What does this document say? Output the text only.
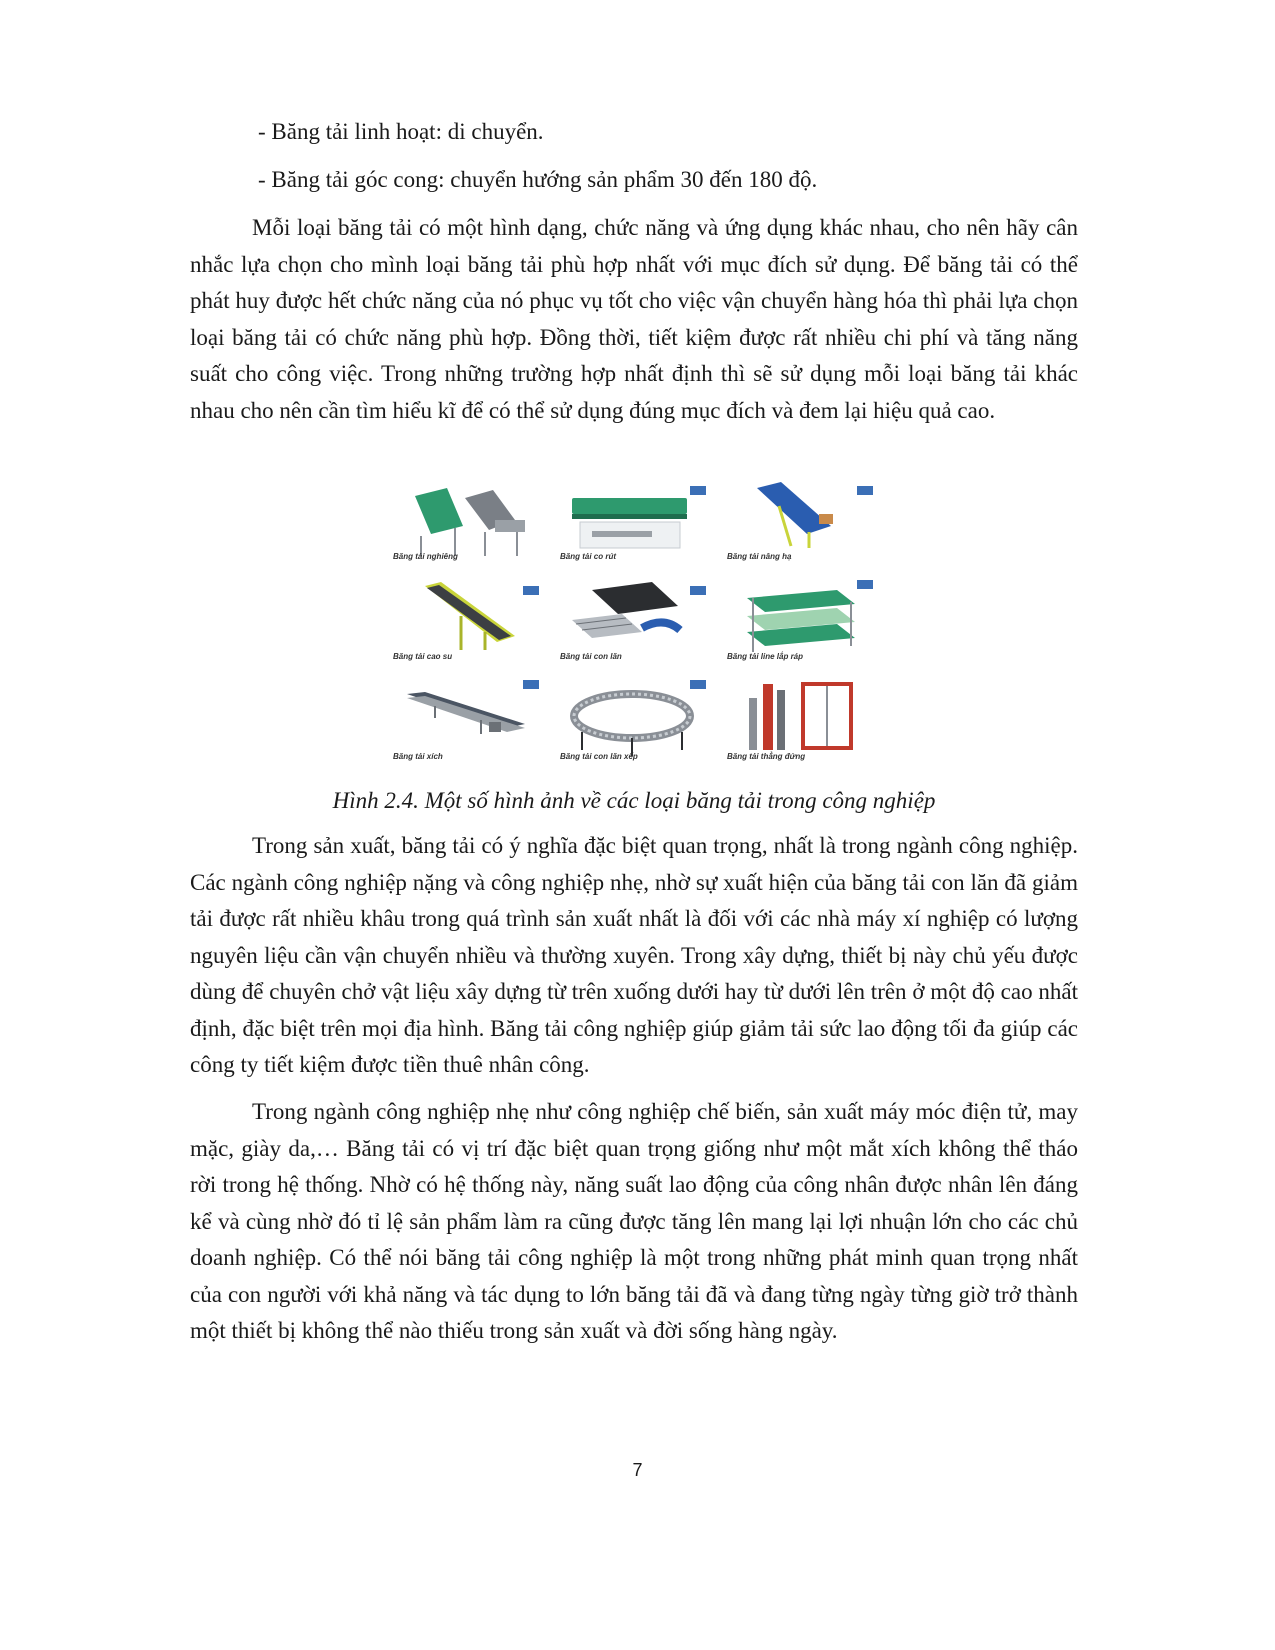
- Băng tải linh hoạt: di chuyển.
- Băng tải góc cong: chuyển hướng sản phẩm 30 đến 180 độ.

Mỗi loại băng tải có một hình dạng, chức năng và ứng dụng khác nhau, cho nên hãy cân nhắc lựa chọn cho mình loại băng tải phù hợp nhất với mục đích sử dụng. Để băng tải có thể phát huy được hết chức năng của nó phục vụ tốt cho việc vận chuyển hàng hóa thì phải lựa chọn loại băng tải có chức năng phù hợp. Đồng thời, tiết kiệm được rất nhiều chi phí và tăng năng suất cho công việc. Trong những trường hợp nhất định thì sẽ sử dụng mỗi loại băng tải khác nhau cho nên cần tìm hiểu kĩ để có thể sử dụng đúng mục đích và đem lại hiệu quả cao.

Băng tải nghiêng	Băng tải co rút	Băng tải nâng hạ
Băng tải cao su	Băng tải con lăn	Băng tải line lắp ráp
Băng tải xích	Băng tải con lăn xếp	Băng tải thẳng đứng
Hình 2.4. Một số hình ảnh về các loại băng tải trong công nghiệp

Trong sản xuất, băng tải có ý nghĩa đặc biệt quan trọng, nhất là trong ngành công nghiệp. Các ngành công nghiệp nặng và công nghiệp nhẹ, nhờ sự xuất hiện của băng tải con lăn đã giảm tải được rất nhiều khâu trong quá trình sản xuất nhất là đối với các nhà máy xí nghiệp có lượng nguyên liệu cần vận chuyển nhiều và thường xuyên. Trong xây dựng, thiết bị này chủ yếu được dùng để chuyên chở vật liệu xây dựng từ trên xuống dưới hay từ dưới lên trên ở một độ cao nhất định, đặc biệt trên mọi địa hình. Băng tải công nghiệp giúp giảm tải sức lao động tối đa giúp các công ty tiết kiệm được tiền thuê nhân công.

Trong ngành công nghiệp nhẹ như công nghiệp chế biến, sản xuất máy móc điện tử, may mặc, giày da,… Băng tải có vị trí đặc biệt quan trọng giống như một mắt xích không thể tháo rời trong hệ thống. Nhờ có hệ thống này, năng suất lao động của công nhân được nhân lên đáng kể và cùng nhờ đó tỉ lệ sản phẩm làm ra cũng được tăng lên mang lại lợi nhuận lớn cho các chủ doanh nghiệp. Có thể nói băng tải công nghiệp là một trong những phát minh quan trọng nhất của con người với khả năng và tác dụng to lớn băng tải đã và đang từng ngày từng giờ trở thành một thiết bị không thể nào thiếu trong sản xuất và đời sống hàng ngày.

7
